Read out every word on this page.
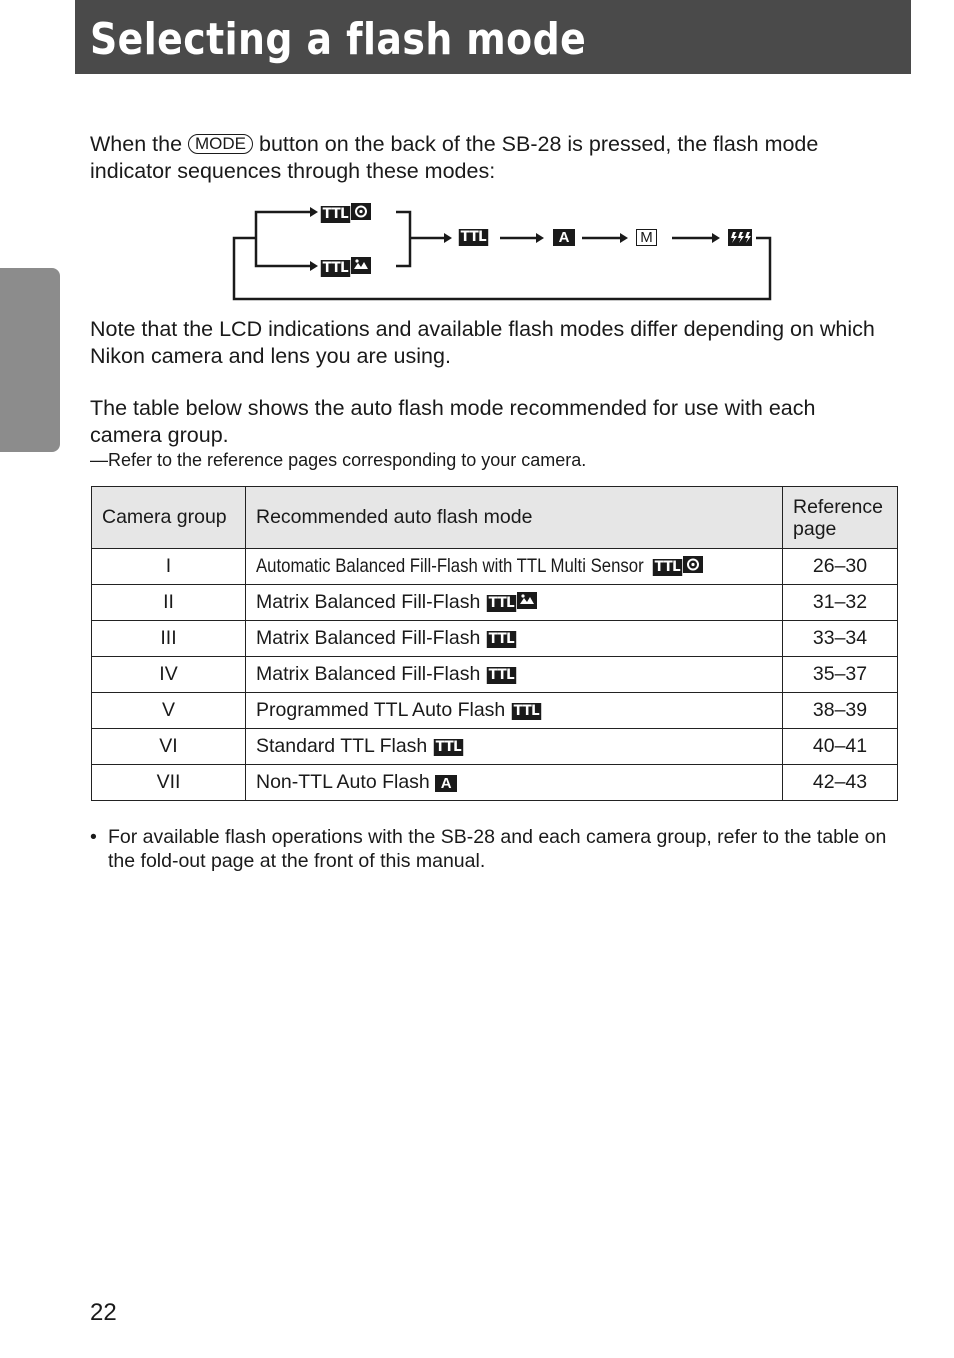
Selecting a flash mode

When the MODE button on the back of the SB-28 is pressed, the flash mode indicator sequences through these modes:

TTL
TTL
TTL	A	M

Note that the LCD indications and available flash modes differ depending on which Nikon camera and lens you are using.

The table below shows the auto flash mode recommended for use with each camera group.

—Refer to the reference pages corresponding to your camera.
Camera group	Recommended auto flash mode	Reference page
I	Automatic Balanced Fill-Flash with TTL Multi Sensor TTL	26–30
II	Matrix Balanced Fill-Flash TTL	31–32
III	Matrix Balanced Fill-Flash TTL	33–34
IV	Matrix Balanced Fill-Flash TTL	35–37
V	Programmed TTL Auto Flash TTL	38–39
VI	Standard TTL Flash TTL	40–41
VII	Non-TTL Auto Flash A	42–43
• For available flash operations with the SB-28 and each camera group, refer to the table on the fold-out page at the front of this manual.
22
